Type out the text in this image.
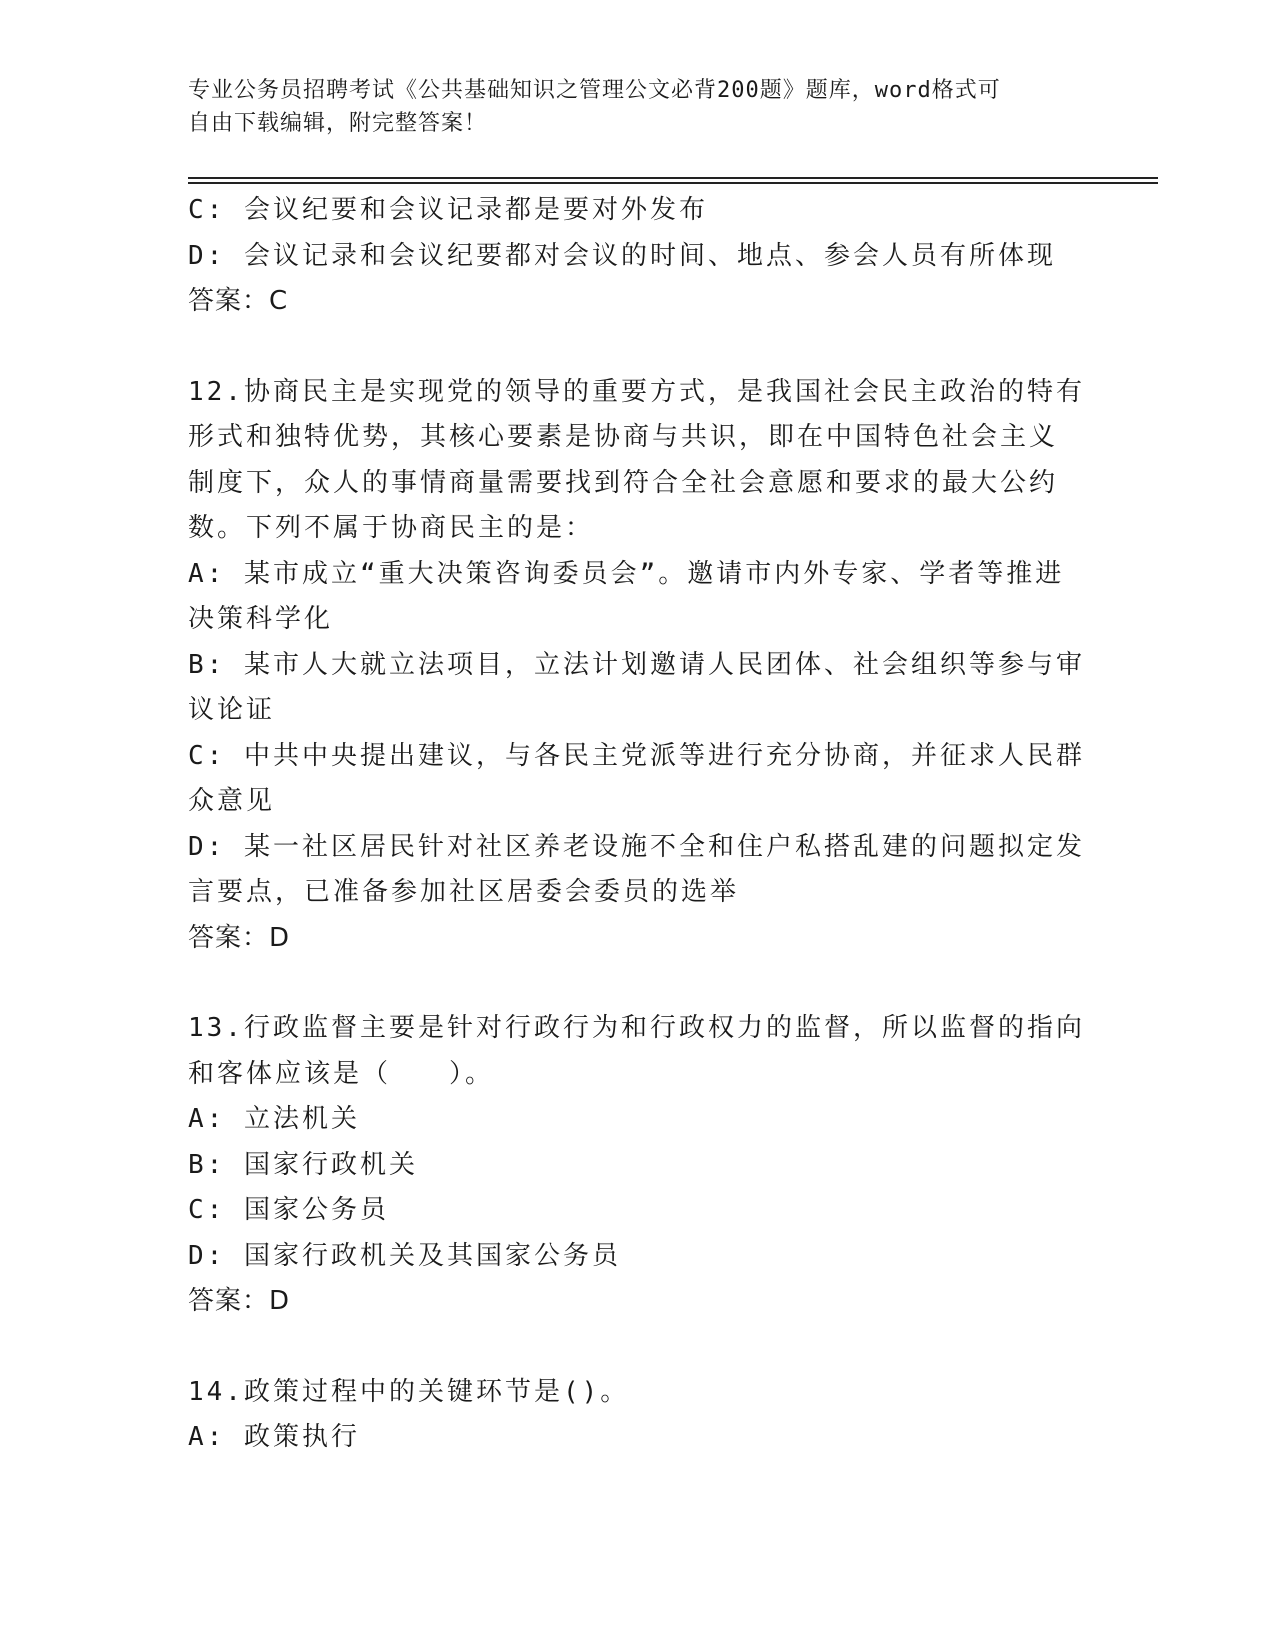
专业公务员招聘考试《公共基础知识之管理公文必背200题》题库，word格式可
自由下载编辑，附完整答案！
C: 会议纪要和会议记录都是要对外发布
D: 会议记录和会议纪要都对会议的时间、地点、参会人员有所体现
答案：C
12.协商民主是实现党的领导的重要方式，是我国社会民主政治的特有
形式和独特优势，其核心要素是协商与共识，即在中国特色社会主义
制度下，众人的事情商量需要找到符合全社会意愿和要求的最大公约
数。下列不属于协商民主的是：
A: 某市成立“重大决策咨询委员会”。邀请市内外专家、学者等推进
决策科学化
B: 某市人大就立法项目，立法计划邀请人民团体、社会组织等参与审
议论证
C: 中共中央提出建议，与各民主党派等进行充分协商，并征求人民群
众意见
D: 某一社区居民针对社区养老设施不全和住户私搭乱建的问题拟定发
言要点，已准备参加社区居委会委员的选举
答案：D
13.行政监督主要是针对行政行为和行政权力的监督，所以监督的指向
和客体应该是（　　）。
A: 立法机关
B: 国家行政机关
C: 国家公务员
D: 国家行政机关及其国家公务员
答案：D
14.政策过程中的关键环节是()。
A: 政策执行
